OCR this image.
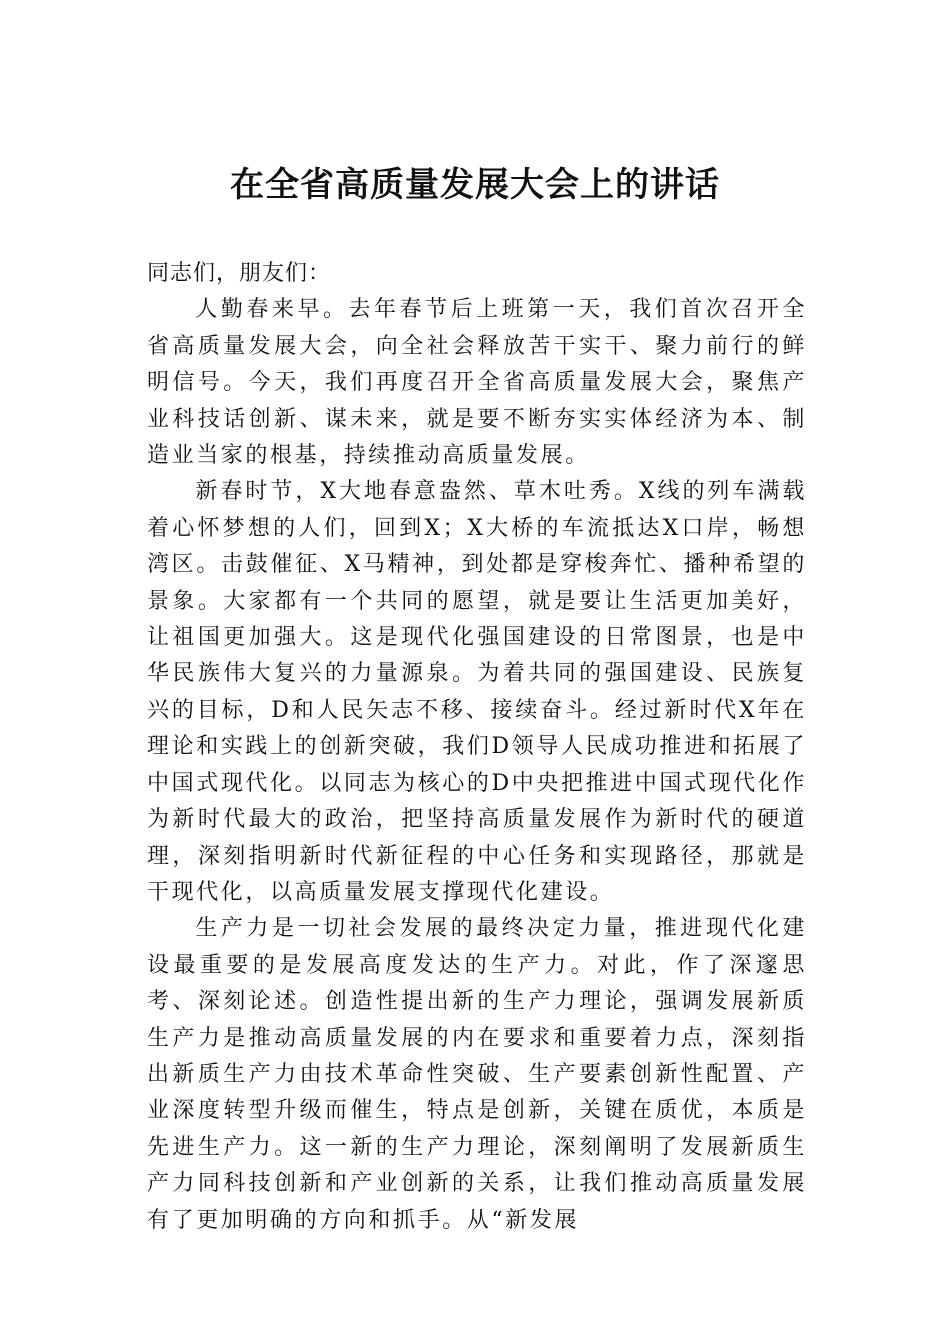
在全省高质量发展大会上的讲话

同志们，朋友们：

人勤春来早。去年春节后上班第一天，我们首次召开全省高质量发展大会，向全社会释放苦干实干、聚力前行的鲜明信号。今天，我们再度召开全省高质量发展大会，聚焦产业科技话创新、谋未来，就是要不断夯实实体经济为本、制造业当家的根基，持续推动高质量发展。

新春时节，X大地春意盎然、草木吐秀。X线的列车满载着心怀梦想的人们，回到X；X大桥的车流抵达X口岸，畅想湾区。击鼓催征、X马精神，到处都是穿梭奔忙、播种希望的景象。大家都有一个共同的愿望，就是要让生活更加美好，让祖国更加强大。这是现代化强国建设的日常图景，也是中华民族伟大复兴的力量源泉。为着共同的强国建设、民族复兴的目标，D和人民矢志不移、接续奋斗。经过新时代X年在理论和实践上的创新突破，我们D领导人民成功推进和拓展了中国式现代化。以同志为核心的D中央把推进中国式现代化作为新时代最大的政治，把坚持高质量发展作为新时代的硬道理，深刻指明新时代新征程的中心任务和实现路径，那就是干现代化，以高质量发展支撑现代化建设。

生产力是一切社会发展的最终决定力量，推进现代化建设最重要的是发展高度发达的生产力。对此，作了深邃思考、深刻论述。创造性提出新的生产力理论，强调发展新质生产力是推动高质量发展的内在要求和重要着力点，深刻指出新质生产力由技术革命性突破、生产要素创新性配置、产业深度转型升级而催生，特点是创新，关键在质优，本质是先进生产力。这一新的生产力理论，深刻阐明了发展新质生产力同科技创新和产业创新的关系，让我们推动高质量发展有了更加明确的方向和抓手。从“新发展
